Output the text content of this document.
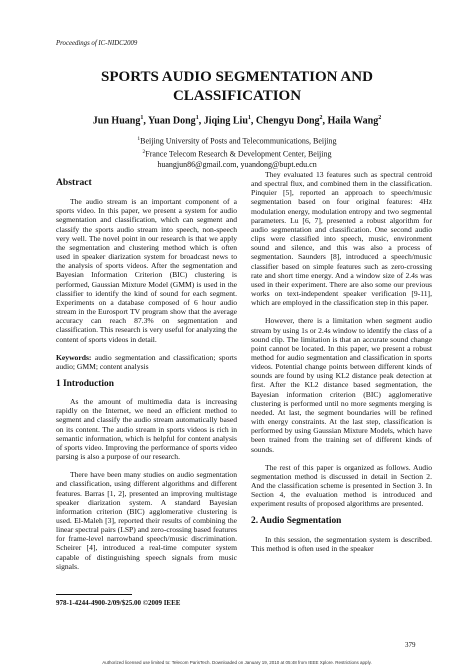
Proceedings of IC-NIDC2009
SPORTS AUDIO SEGMENTATION AND
CLASSIFICATION
Jun Huang$^1$, Yuan Dong$^1$, Jiqing Liu$^1$, Chengyu Dong$^2$, Haila Wang$^2$
$^1$Beijing University of Posts and Telecommunications, Beijing
$^2$France Telecom Research & Development Center, Beijing
huangjun86@gmail.com, yuandong@bupt.edu.cn
Abstract

The audio stream is an important component of a sports video. In this paper, we present a system for audio segmentation and classification, which can segment and classify the sports audio stream into speech, non-speech very well. The novel point in our research is that we apply the segmentation and clustering method which is often used in speaker diarization system for broadcast news to the analysis of sports videos. After the segmentation and Bayesian Information Criterion (BIC) clustering is performed, Gaussian Mixture Model (GMM) is used in the classifier to identify the kind of sound for each segment. Experiments on a database composed of 6 hour audio stream in the Eurosport TV program show that the average accuracy can reach 87.3% on segmentation and classification. This research is very useful for analyzing the content of sports videos in detail.

Keywords: audio segmentation and classification; sports audio; GMM; content analysis

1 Introduction

As the amount of multimedia data is increasing rapidly on the Internet, we need an efficient method to segment and classify the audio stream automatically based on its content. The audio stream in sports videos is rich in semantic information, which is helpful for content analysis of sports video. Improving the performance of sports video parsing is also a purpose of our research.

There have been many studies on audio segmentation and classification, using different algorithms and different features. Barras [1, 2], presented an improving multistage speaker diarization system. A standard Bayesian information criterion (BIC) agglomerative clustering is used. El-Maleh [3], reported their results of combining the linear spectral pairs (LSP) and zero-crossing based features for frame-level narrowband speech/music discrimination. Scheirer [4], introduced a real-time computer system capable of distinguishing speech signals from music signals.

They evaluated 13 features such as spectral centroid and spectral flux, and combined them in the classification. Pinquier [5], reported an approach to speech/music segmentation based on four original features: 4Hz modulation energy, modulation entropy and two segmental parameters. Lu [6, 7], presented a robust algorithm for audio segmentation and classification. One second audio clips were classified into speech, music, environment sound and silence, and this was also a process of segmentation. Saunders [8], introduced a speech/music classifier based on simple features such as zero-crossing rate and short time energy. And a window size of 2.4s was used in their experiment. There are also some our previous works on text-independent speaker verification [9-11], which are employed in the classification step in this paper.

However, there is a limitation when segment audio stream by using 1s or 2.4s window to identify the class of a sound clip. The limitation is that an accurate sound change point cannot be located. In this paper, we present a robust method for audio segmentation and classification in sports videos. Potential change points between different kinds of sounds are found by using KL2 distance peak detection at first. After the KL2 distance based segmentation, the Bayesian information criterion (BIC) agglomerative clustering is performed until no more segments merging is needed. At last, the segment boundaries will be refined with energy constraints. At the last step, classification is performed by using Gaussian Mixture Models, which have been trained from the training set of different kinds of sounds.

The rest of this paper is organized as follows. Audio segmentation method is discussed in detail in Section 2. And the classification scheme is presented in Section 3. In Section 4, the evaluation method is introduced and experiment results of proposed algorithms are presented.

2. Audio Segmentation

In this session, the segmentation system is described. This method is often used in the speaker

978-1-4244-4900-2/09/$25.00 ©2009 IEEE
379
Authorized licensed use limited to: Telecom ParisTech. Downloaded on January 19, 2010 at 05:48 from IEEE Xplore. Restrictions apply.
